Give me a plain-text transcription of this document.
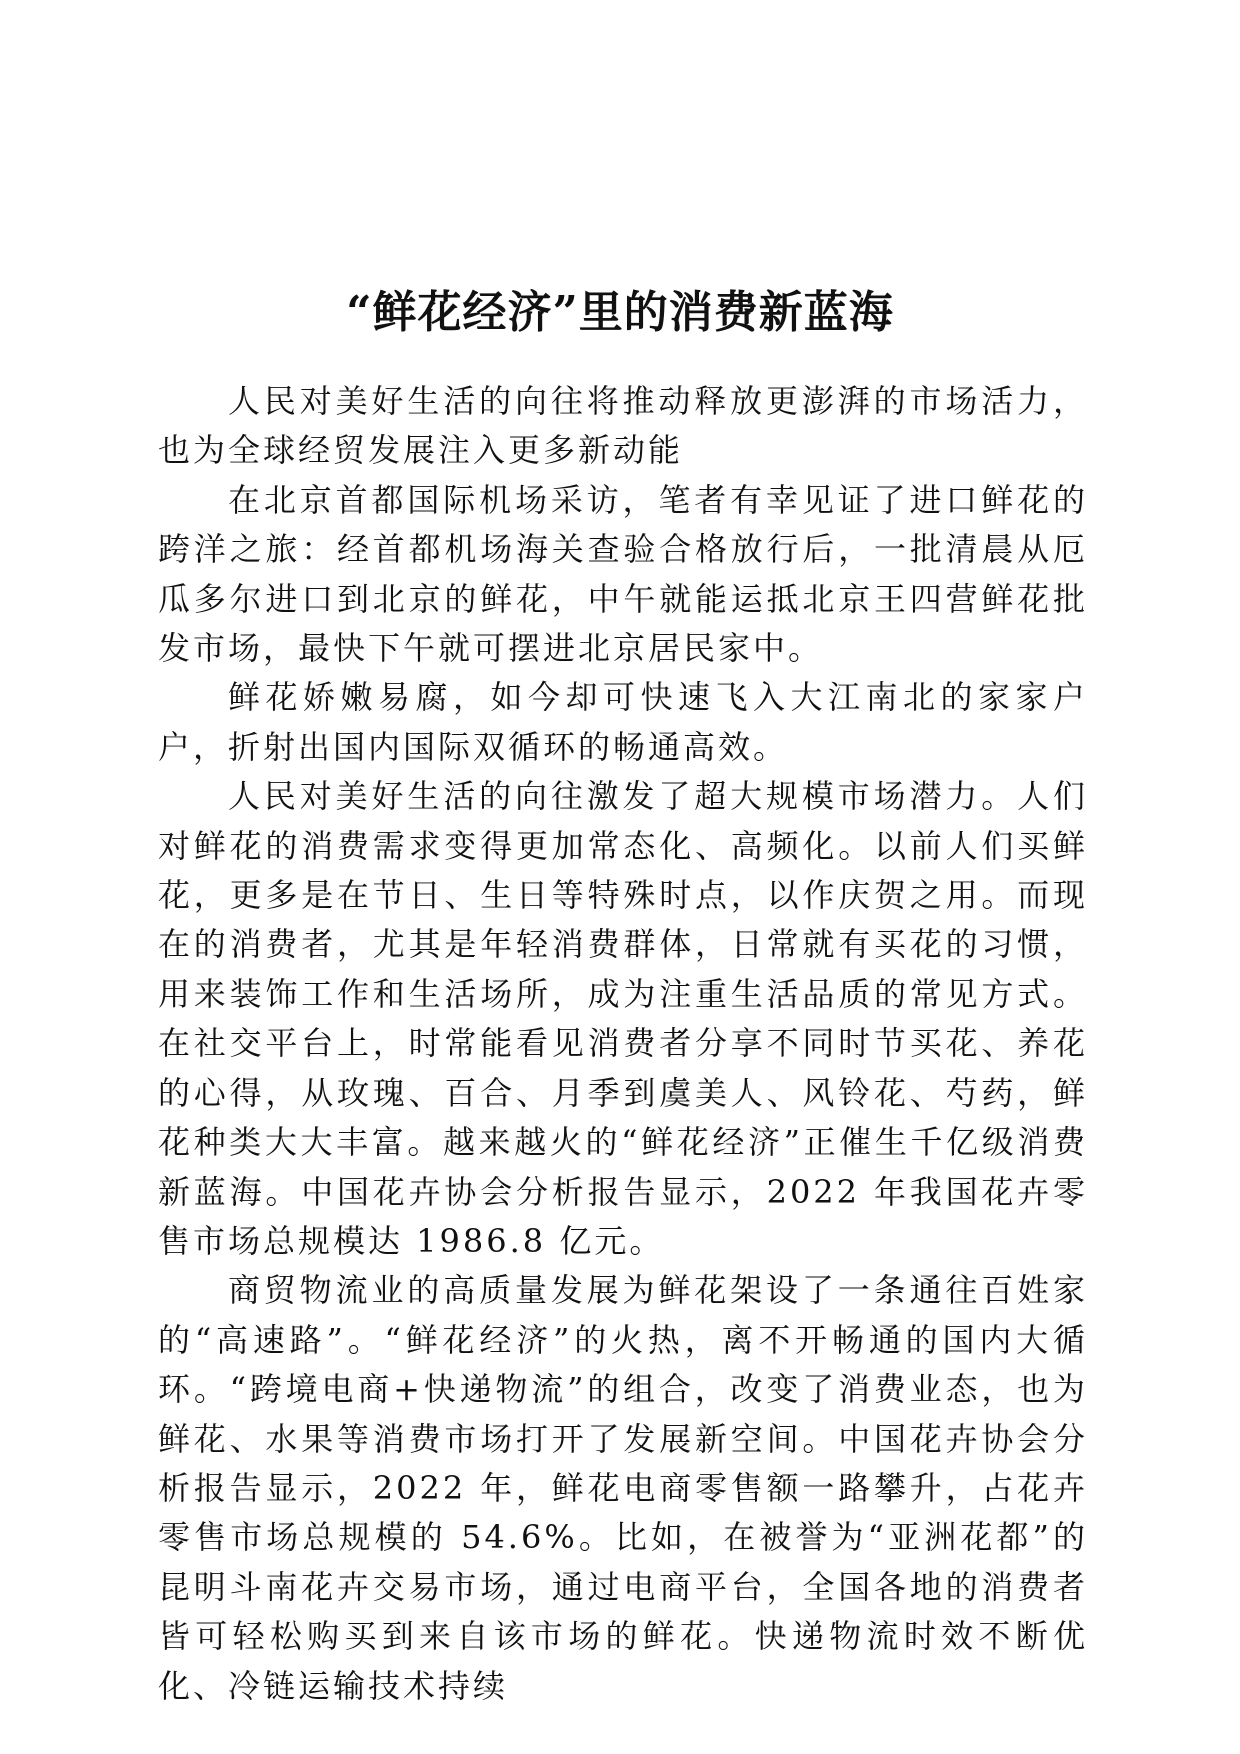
“鲜花经济”里的消费新蓝海

人民对美好生活的向往将推动释放更澎湃的市场活力，也为全球经贸发展注入更多新动能

在北京首都国际机场采访，笔者有幸见证了进口鲜花的跨洋之旅：经首都机场海关查验合格放行后，一批清晨从厄瓜多尔进口到北京的鲜花，中午就能运抵北京王四营鲜花批发市场，最快下午就可摆进北京居民家中。

鲜花娇嫩易腐，如今却可快速飞入大江南北的家家户户，折射出国内国际双循环的畅通高效。

人民对美好生活的向往激发了超大规模市场潜力。人们对鲜花的消费需求变得更加常态化、高频化。以前人们买鲜花，更多是在节日、生日等特殊时点，以作庆贺之用。而现在的消费者，尤其是年轻消费群体，日常就有买花的习惯，用来装饰工作和生活场所，成为注重生活品质的常见方式。在社交平台上，时常能看见消费者分享不同时节买花、养花的心得，从玫瑰、百合、月季到虞美人、风铃花、芍药，鲜花种类大大丰富。越来越火的“鲜花经济”正催生千亿级消费新蓝海。中国花卉协会分析报告显示，2022 年我国花卉零售市场总规模达 1986.8 亿元。

商贸物流业的高质量发展为鲜花架设了一条通往百姓家的“高速路”。“鲜花经济”的火热，离不开畅通的国内大循环。“跨境电商+快递物流”的组合，改变了消费业态，也为鲜花、水果等消费市场打开了发展新空间。中国花卉协会分析报告显示，2022 年，鲜花电商零售额一路攀升，占花卉零售市场总规模的 54.6%。比如，在被誉为“亚洲花都”的昆明斗南花卉交易市场，通过电商平台，全国各地的消费者皆可轻松购买到来自该市场的鲜花。快递物流时效不断优化、冷链运输技术持续
